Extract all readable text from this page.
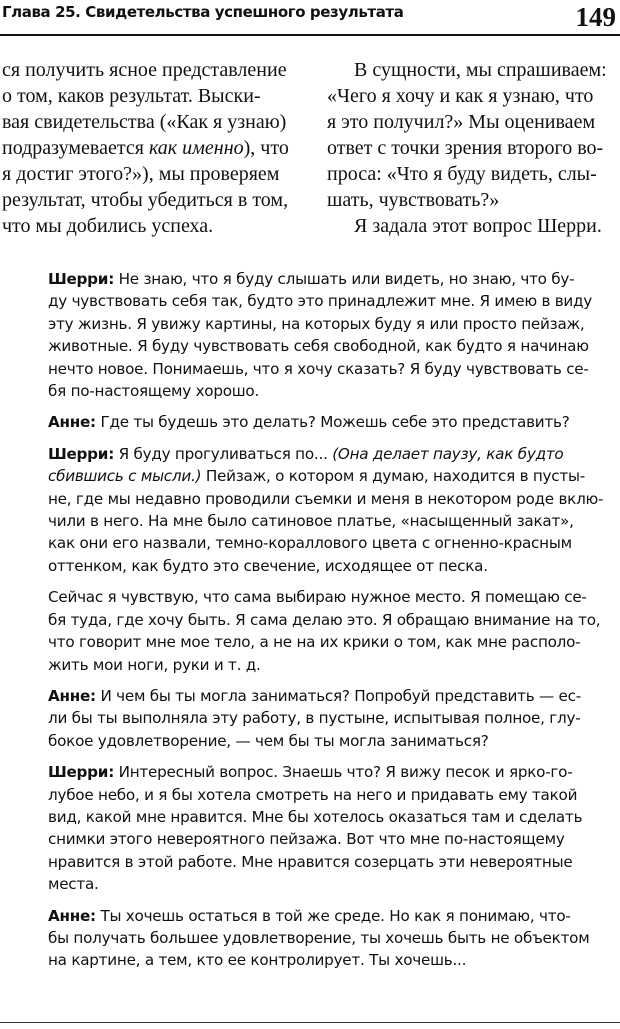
Глава 25. Свидетельства успешного результата	149

ся получить ясное представление

о том, каков результат. Выски-

вая свидетельства («Как я узнаю)

подразумевается как именно), что

я достиг этого?»), мы проверяем

результат, чтобы убедиться в том,

что мы добились успеха.

В сущности, мы спрашиваем:

«Чего я хочу и как я узнаю, что

я это получил?» Мы оцениваем

ответ с точки зрения второго во-

проса: «Что я буду видеть, слы-

шать, чувствовать?»

Я задала этот вопрос Шерри.

Шерри: Не знаю, что я буду слышать или видеть, но знаю, что бу-

ду чувствовать себя так, будто это принадлежит мне. Я имею в виду

эту жизнь. Я увижу картины, на которых буду я или просто пейзаж,

животные. Я буду чувствовать себя свободной, как будто я начинаю

нечто новое. Понимаешь, что я хочу сказать? Я буду чувствовать се-

бя по-настоящему хорошо.

Анне: Где ты будешь это делать? Можешь себе это представить?

Шерри: Я буду прогуливаться по... (Она делает паузу, как будто

сбившись с мысли.) Пейзаж, о котором я думаю, находится в пусты-

не, где мы недавно проводили съемки и меня в некотором роде вклю-

чили в него. На мне было сатиновое платье, «насыщенный закат»,

как они его назвали, темно-кораллового цвета с огненно-красным

оттенком, как будто это свечение, исходящее от песка.

Сейчас я чувствую, что сама выбираю нужное место. Я помещаю се-

бя туда, где хочу быть. Я сама делаю это. Я обращаю внимание на то,

что говорит мне мое тело, а не на их крики о том, как мне располо-

жить мои ноги, руки и т. д.

Анне: И чем бы ты могла заниматься? Попробуй представить — ес-

ли бы ты выполняла эту работу, в пустыне, испытывая полное, глу-

бокое удовлетворение, — чем бы ты могла заниматься?

Шерри: Интересный вопрос. Знаешь что? Я вижу песок и ярко-го-

лубое небо, и я бы хотела смотреть на него и придавать ему такой

вид, какой мне нравится. Мне бы хотелось оказаться там и сделать

снимки этого невероятного пейзажа. Вот что мне по-настоящему

нравится в этой работе. Мне нравится созерцать эти невероятные

места.

Анне: Ты хочешь остаться в той же среде. Но как я понимаю, что-

бы получать большее удовлетворение, ты хочешь быть не объектом

на картине, а тем, кто ее контролирует. Ты хочешь...
